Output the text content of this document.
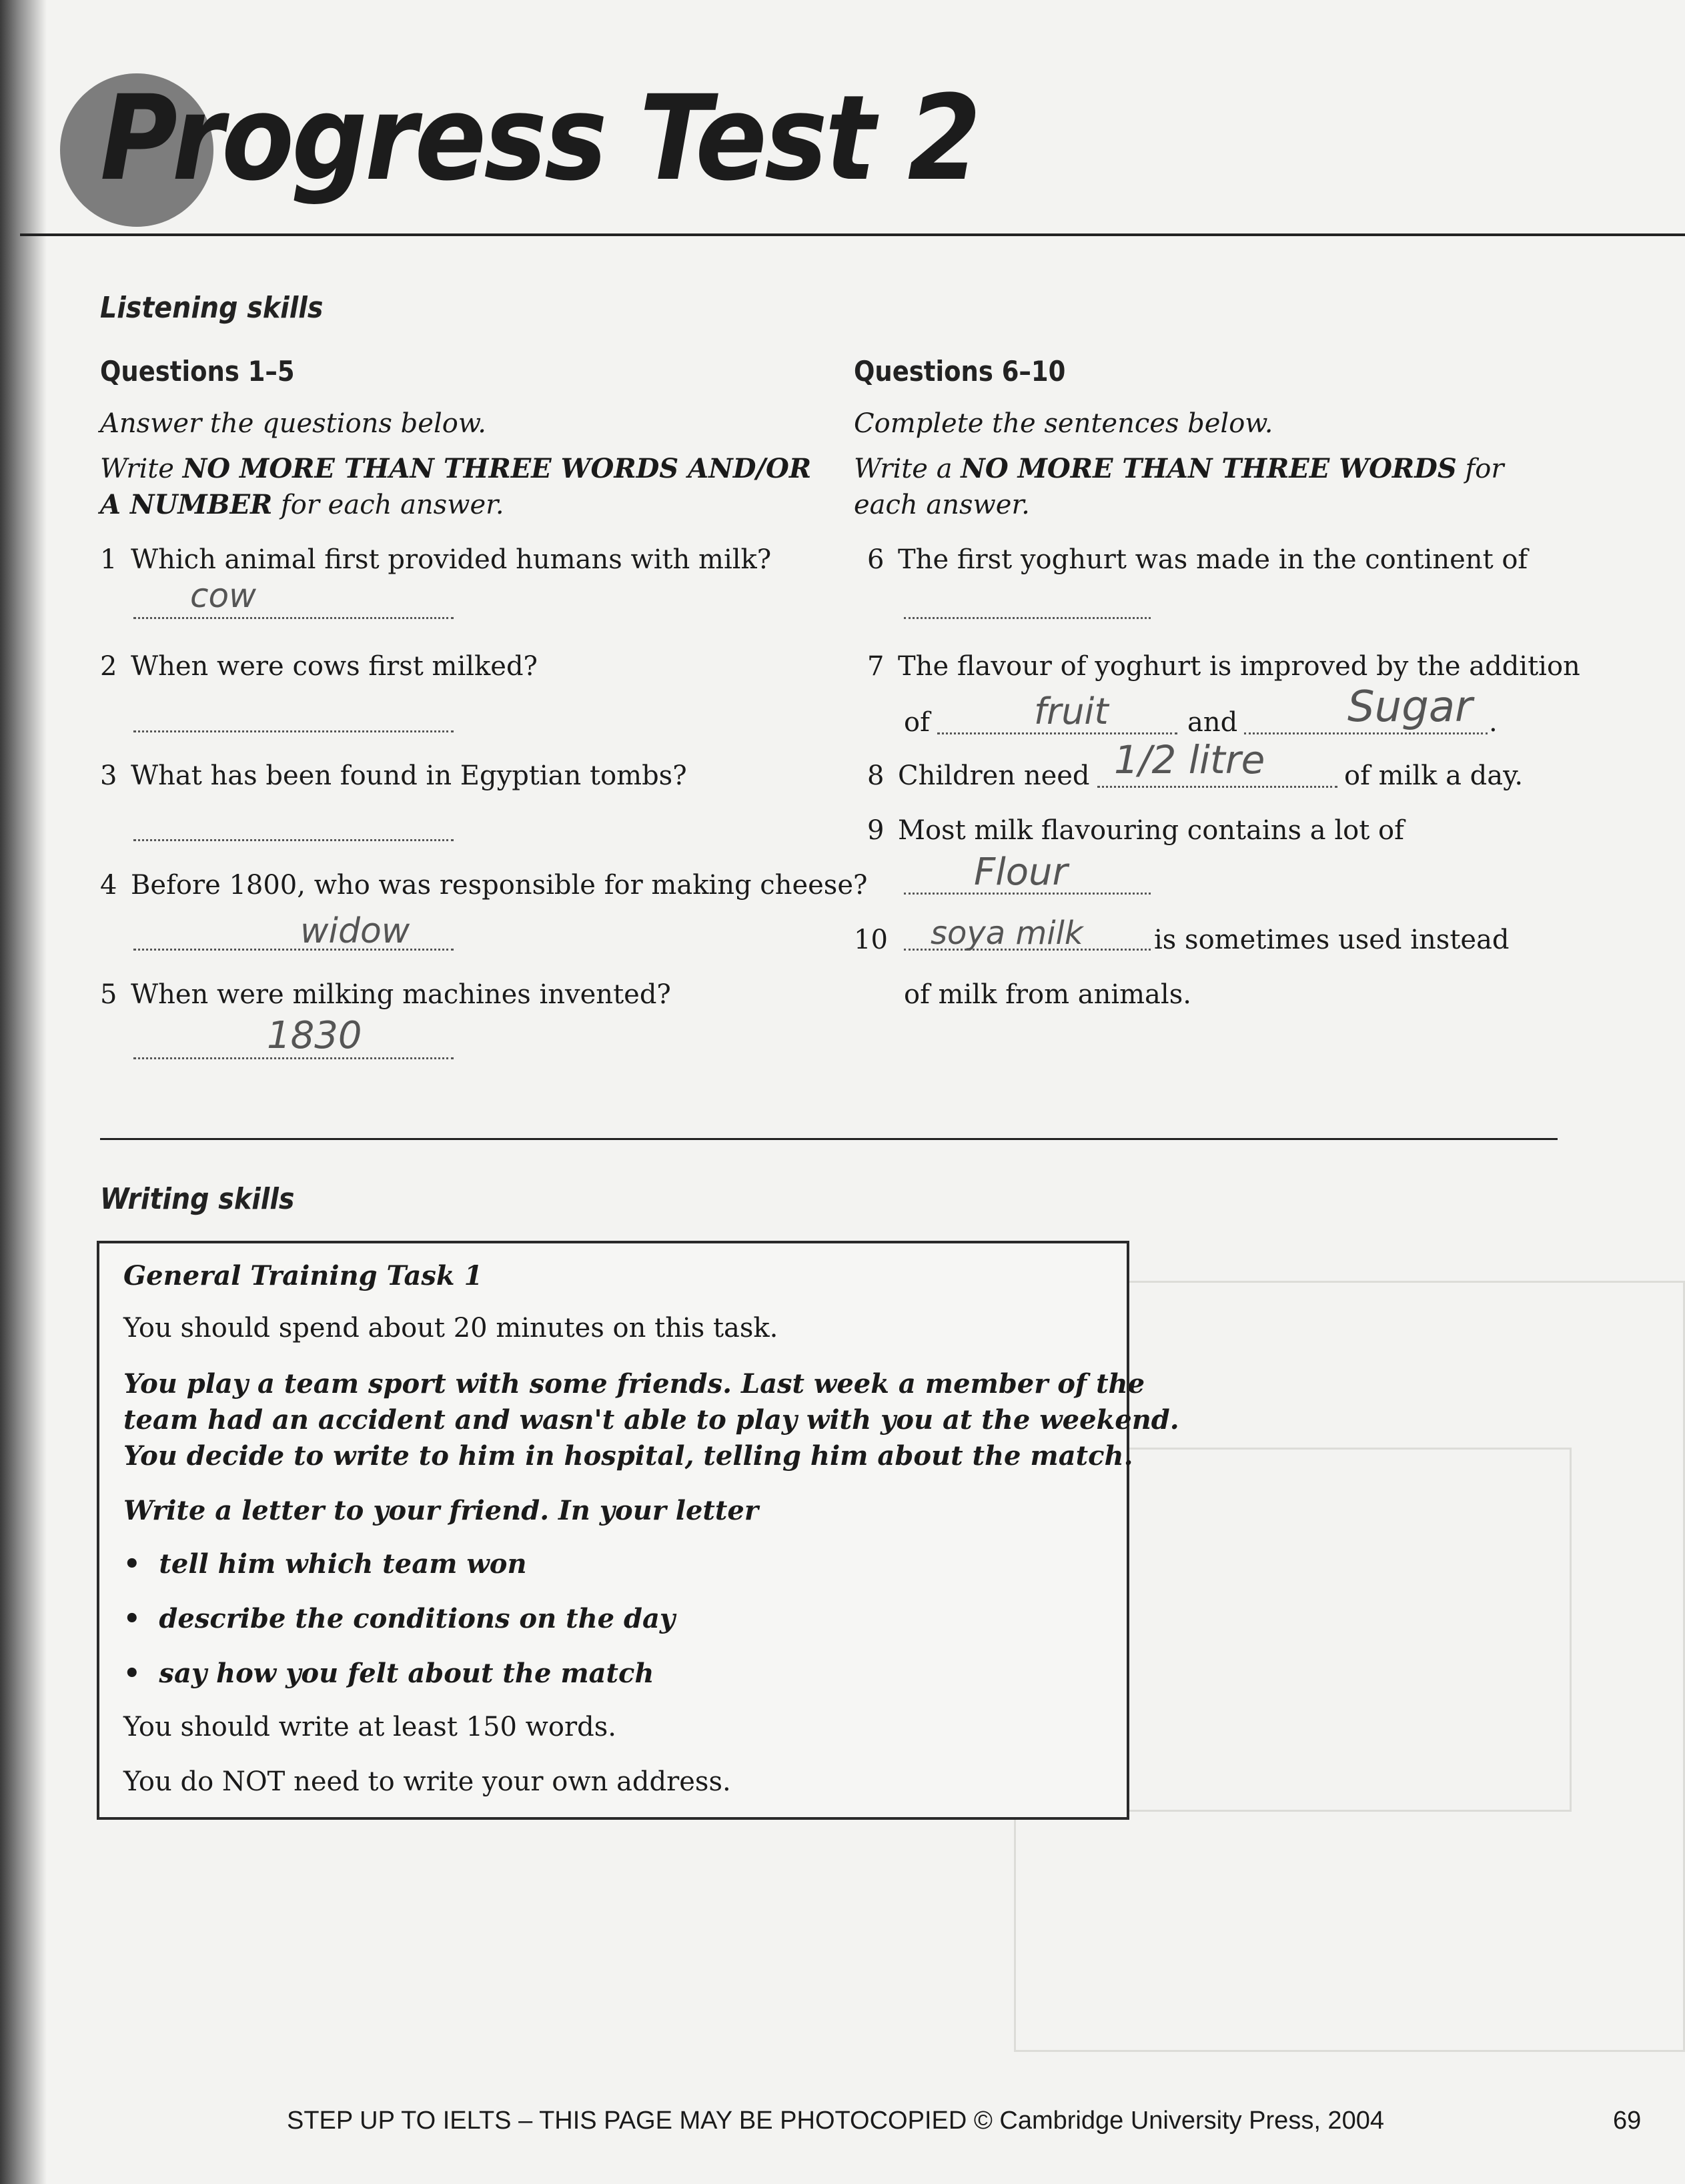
Progress Test 2
Listening skills
Questions 1–5
Answer the questions below.
Write NO MORE THAN THREE WORDS AND/OR
A NUMBER for each answer.
1 Which animal first provided humans with milk?
cow
2 When were cows first milked?
3 What has been found in Egyptian tombs?
4 Before 1800, who was responsible for making cheese?
widow
5 When were milking machines invented?
1830
Questions 6–10
Complete the sentences below.
Write a NO MORE THAN THREE WORDS for
each answer.
6 The first yoghurt was made in the continent of
7 The flavour of yoghurt is improved by the addition
of	fruit	and	Sugar .
8 Children need 1/2 litre	of milk a day.
9 Most milk flavouring contains a lot of
Flour
10 soya milk	is sometimes used instead
of milk from animals.
Writing skills
General Training Task 1
You should spend about 20 minutes on this task.
You play a team sport with some friends. Last week a member of the
team had an accident and wasn't able to play with you at the weekend.
You decide to write to him in hospital, telling him about the match.
Write a letter to your friend. In your letter
•  tell him which team won
•  describe the conditions on the day
•  say how you felt about the match
You should write at least 150 words.
You do NOT need to write your own address.
STEP UP TO IELTS – THIS PAGE MAY BE PHOTOCOPIED © Cambridge University Press, 2004	69
